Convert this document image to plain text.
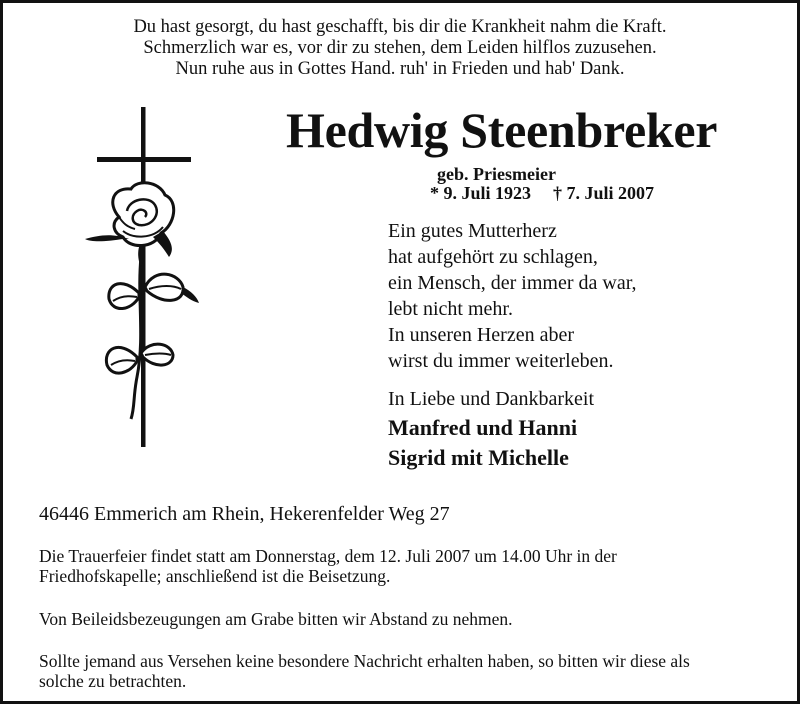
Du hast gesorgt, du hast geschafft, bis dir die Krankheit nahm die Kraft.
Schmerzlich war es, vor dir zu stehen, dem Leiden hilflos zuzusehen.
Nun ruhe aus in Gottes Hand. ruh' in Frieden und hab' Dank.
Hedwig Steenbreker
geb. Priesmeier
* 9. Juli 1923 † 7. Juli 2007
Ein gutes Mutterherz
hat aufgehört zu schlagen,
ein Mensch, der immer da war,
lebt nicht mehr.
In unseren Herzen aber
wirst du immer weiterleben.
In Liebe und Dankbarkeit
Manfred und Hanni
Sigrid mit Michelle
46446 Emmerich am Rhein, Hekerenfelder Weg 27
Die Trauerfeier findet statt am Donnerstag, dem 12. Juli 2007 um 14.00 Uhr in der
Friedhofskapelle; anschließend ist die Beisetzung.
Von Beileidsbezeugungen am Grabe bitten wir Abstand zu nehmen.
Sollte jemand aus Versehen keine besondere Nachricht erhalten haben, so bitten wir diese als
solche zu betrachten.
